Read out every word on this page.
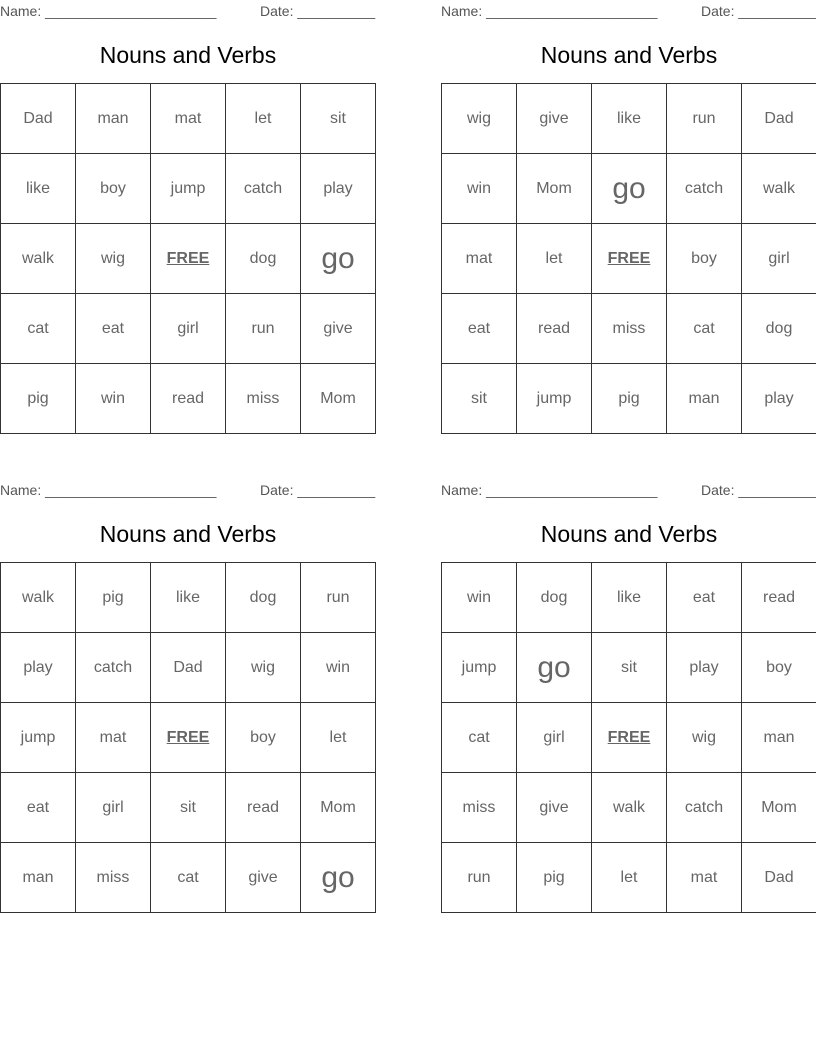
Name: ______________________	Date: __________
Nouns and Verbs
Dad	man	mat	let	sit
like	boy	jump	catch	play
walk	wig	FREE	dog	go
cat	eat	girl	run	give
pig	win	read	miss	Mom
Name: ______________________	Date: __________
Nouns and Verbs
wig	give	like	run	Dad
win	Mom	go	catch	walk
mat	let	FREE	boy	girl
eat	read	miss	cat	dog
sit	jump	pig	man	play
Name: ______________________	Date: __________
Nouns and Verbs
walk	pig	like	dog	run
play	catch	Dad	wig	win
jump	mat	FREE	boy	let
eat	girl	sit	read	Mom
man	miss	cat	give	go
Name: ______________________	Date: __________
Nouns and Verbs
win	dog	like	eat	read
jump	go	sit	play	boy
cat	girl	FREE	wig	man
miss	give	walk	catch	Mom
run	pig	let	mat	Dad
